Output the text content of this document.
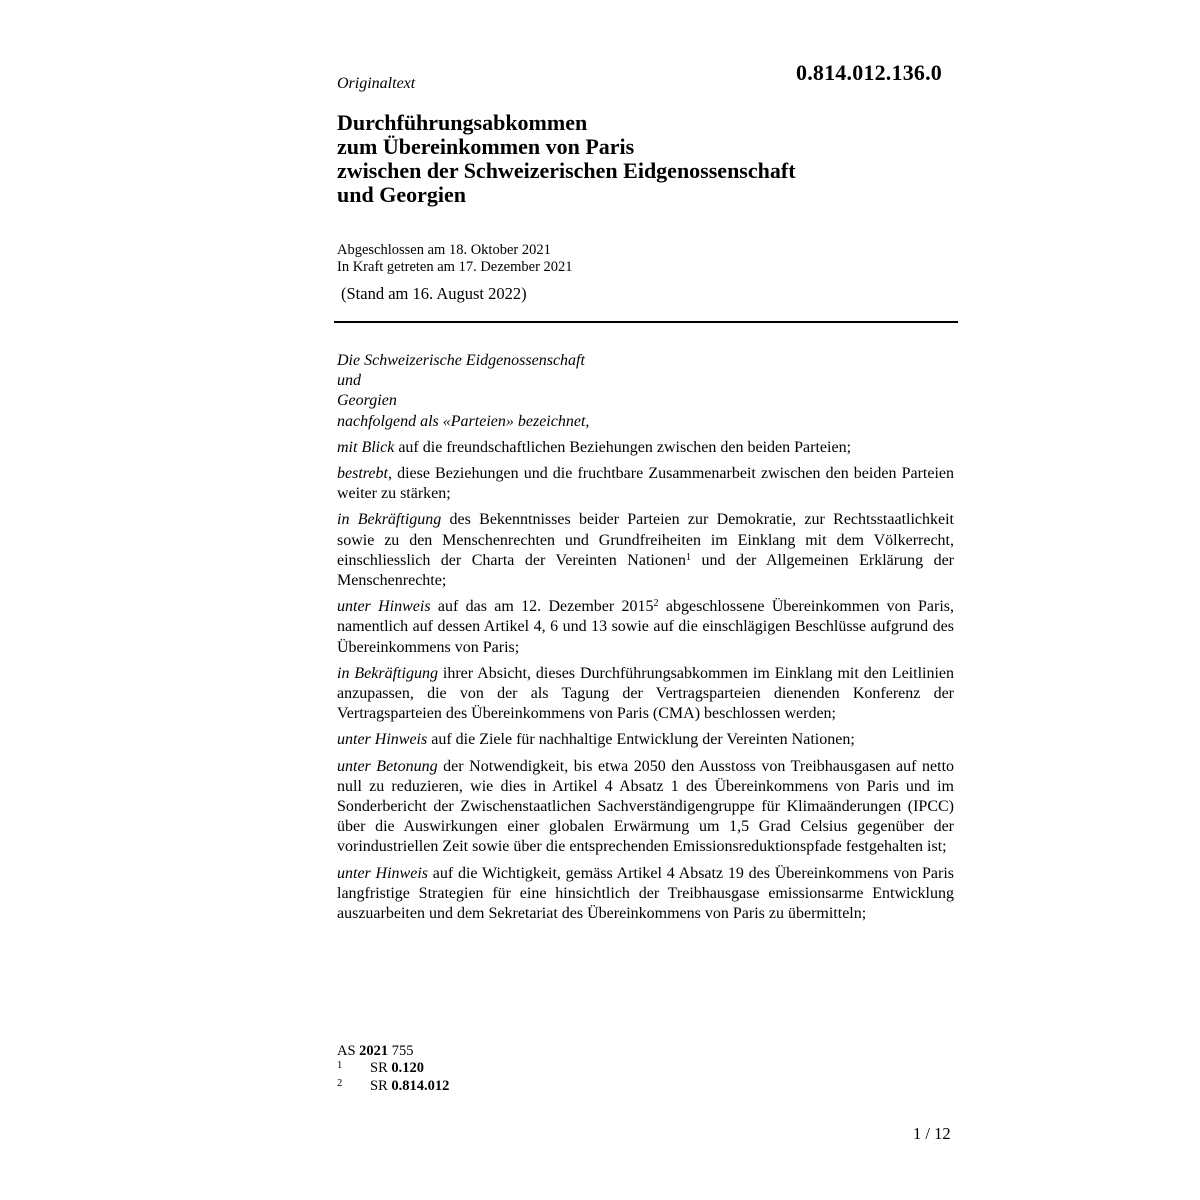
0.814.012.136.0
Originaltext
Durchführungsabkommen
zum Übereinkommen von Paris
zwischen der Schweizerischen Eidgenossenschaft
und Georgien
Abgeschlossen am 18. Oktober 2021
In Kraft getreten am 17. Dezember 2021
(Stand am 16. August 2022)
Die Schweizerische Eidgenossenschaft
und
Georgien
nachfolgend als «Parteien» bezeichnet,

mit Blick auf die freundschaftlichen Beziehungen zwischen den beiden Parteien;

bestrebt, diese Beziehungen und die fruchtbare Zusammenarbeit zwischen den beiden Parteien weiter zu stärken;

in Bekräftigung des Bekenntnisses beider Parteien zur Demokratie, zur Rechtsstaatlichkeit sowie zu den Menschenrechten und Grundfreiheiten im Einklang mit dem Völkerrecht, einschliesslich der Charta der Vereinten Nationen$^1$ und der Allgemeinen Erklärung der Menschenrechte;

unter Hinweis auf das am 12. Dezember 2015$^2$ abgeschlossene Übereinkommen von Paris, namentlich auf dessen Artikel 4, 6 und 13 sowie auf die einschlägigen Beschlüsse aufgrund des Übereinkommens von Paris;

in Bekräftigung ihrer Absicht, dieses Durchführungsabkommen im Einklang mit den Leitlinien anzupassen, die von der als Tagung der Vertragsparteien dienenden Konferenz der Vertragsparteien des Übereinkommens von Paris (CMA) beschlossen werden;

unter Hinweis auf die Ziele für nachhaltige Entwicklung der Vereinten Nationen;

unter Betonung der Notwendigkeit, bis etwa 2050 den Ausstoss von Treibhausgasen auf netto null zu reduzieren, wie dies in Artikel 4 Absatz 1 des Übereinkommens von Paris und im Sonderbericht der Zwischenstaatlichen Sachverständigengruppe für Klimaänderungen (IPCC) über die Auswirkungen einer globalen Erwärmung um 1,5 Grad Celsius gegenüber der vorindustriellen Zeit sowie über die entsprechenden Emissionsreduktionspfade festgehalten ist;

unter Hinweis auf die Wichtigkeit, gemäss Artikel 4 Absatz 19 des Übereinkommens von Paris langfristige Strategien für eine hinsichtlich der Treibhausgase emissionsarme Entwicklung auszuarbeiten und dem Sekretariat des Übereinkommens von Paris zu übermitteln;

AS 2021 755
1	SR 0.120
2	SR 0.814.012
1 / 12
